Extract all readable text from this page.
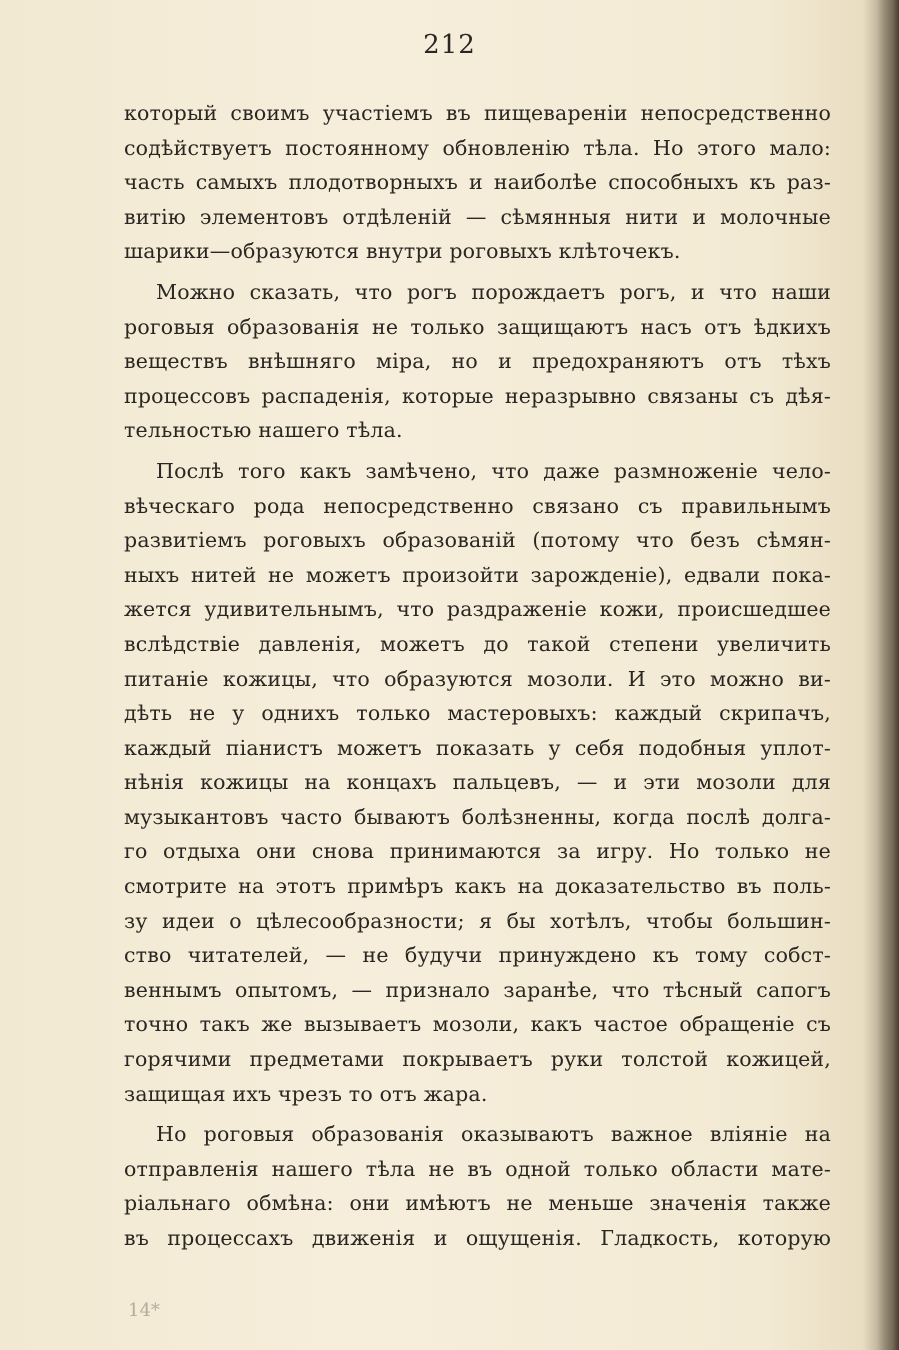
212
который своимъ участiемъ въ пищеваренiи непосредственно
содѣйствуетъ постоянному обновленiю тѣла. Но этого мало:
часть самыхъ плодотворныхъ и наиболѣе способныхъ къ раз-
витiю элементовъ отдѣленiй — сѣмянныя нити и молочные
шарики—образуются внутри роговыхъ клѣточекъ.
Можно сказать, что рогъ порождаетъ рогъ, и что наши
роговыя образованiя не только защищаютъ насъ отъ ѣдкихъ
веществъ внѣшняго мiра, но и предохраняютъ отъ тѣхъ
процессовъ распаденiя, которые неразрывно связаны съ дѣя-
тельностью нашего тѣла.
Послѣ того какъ замѣчено, что даже размноженiе чело-
вѣческаго рода непосредственно связано съ правильнымъ
развитiемъ роговыхъ образованiй (потому что безъ сѣмян-
ныхъ нитей не можетъ произойти зарожденiе), едвали пока-
жется удивительнымъ, что раздраженiе кожи, происшедшее
вслѣдствiе давленiя, можетъ до такой степени увеличить
питанiе кожицы, что образуются мозоли. И это можно ви-
дѣть не у однихъ только мастеровыхъ: каждый скрипачъ,
каждый пiанистъ можетъ показать у себя подобныя уплот-
нѣнiя кожицы на концахъ пальцевъ, — и эти мозоли для
музыкантовъ часто бываютъ болѣзненны, когда послѣ долга-
го отдыха они снова принимаются за игру. Но только не
смотрите на этотъ примѣръ какъ на доказательство въ поль-
зу идеи о цѣлесообразности; я бы хотѣлъ, чтобы большин-
ство читателей, — не будучи принуждено къ тому собст-
веннымъ опытомъ, — признало заранѣе, что тѣсный сапогъ
точно такъ же вызываетъ мозоли, какъ частое обращенiе съ
горячими предметами покрываетъ руки толстой кожицей,
защищая ихъ чрезъ то отъ жара.
Но роговыя образованiя оказываютъ важное влiянiе на
отправленiя нашего тѣла не въ одной только области мате-
рiальнаго обмѣна: они имѣютъ не меньше значенiя также
въ процессахъ движенiя и ощущенiя. Гладкость, которую
14*
